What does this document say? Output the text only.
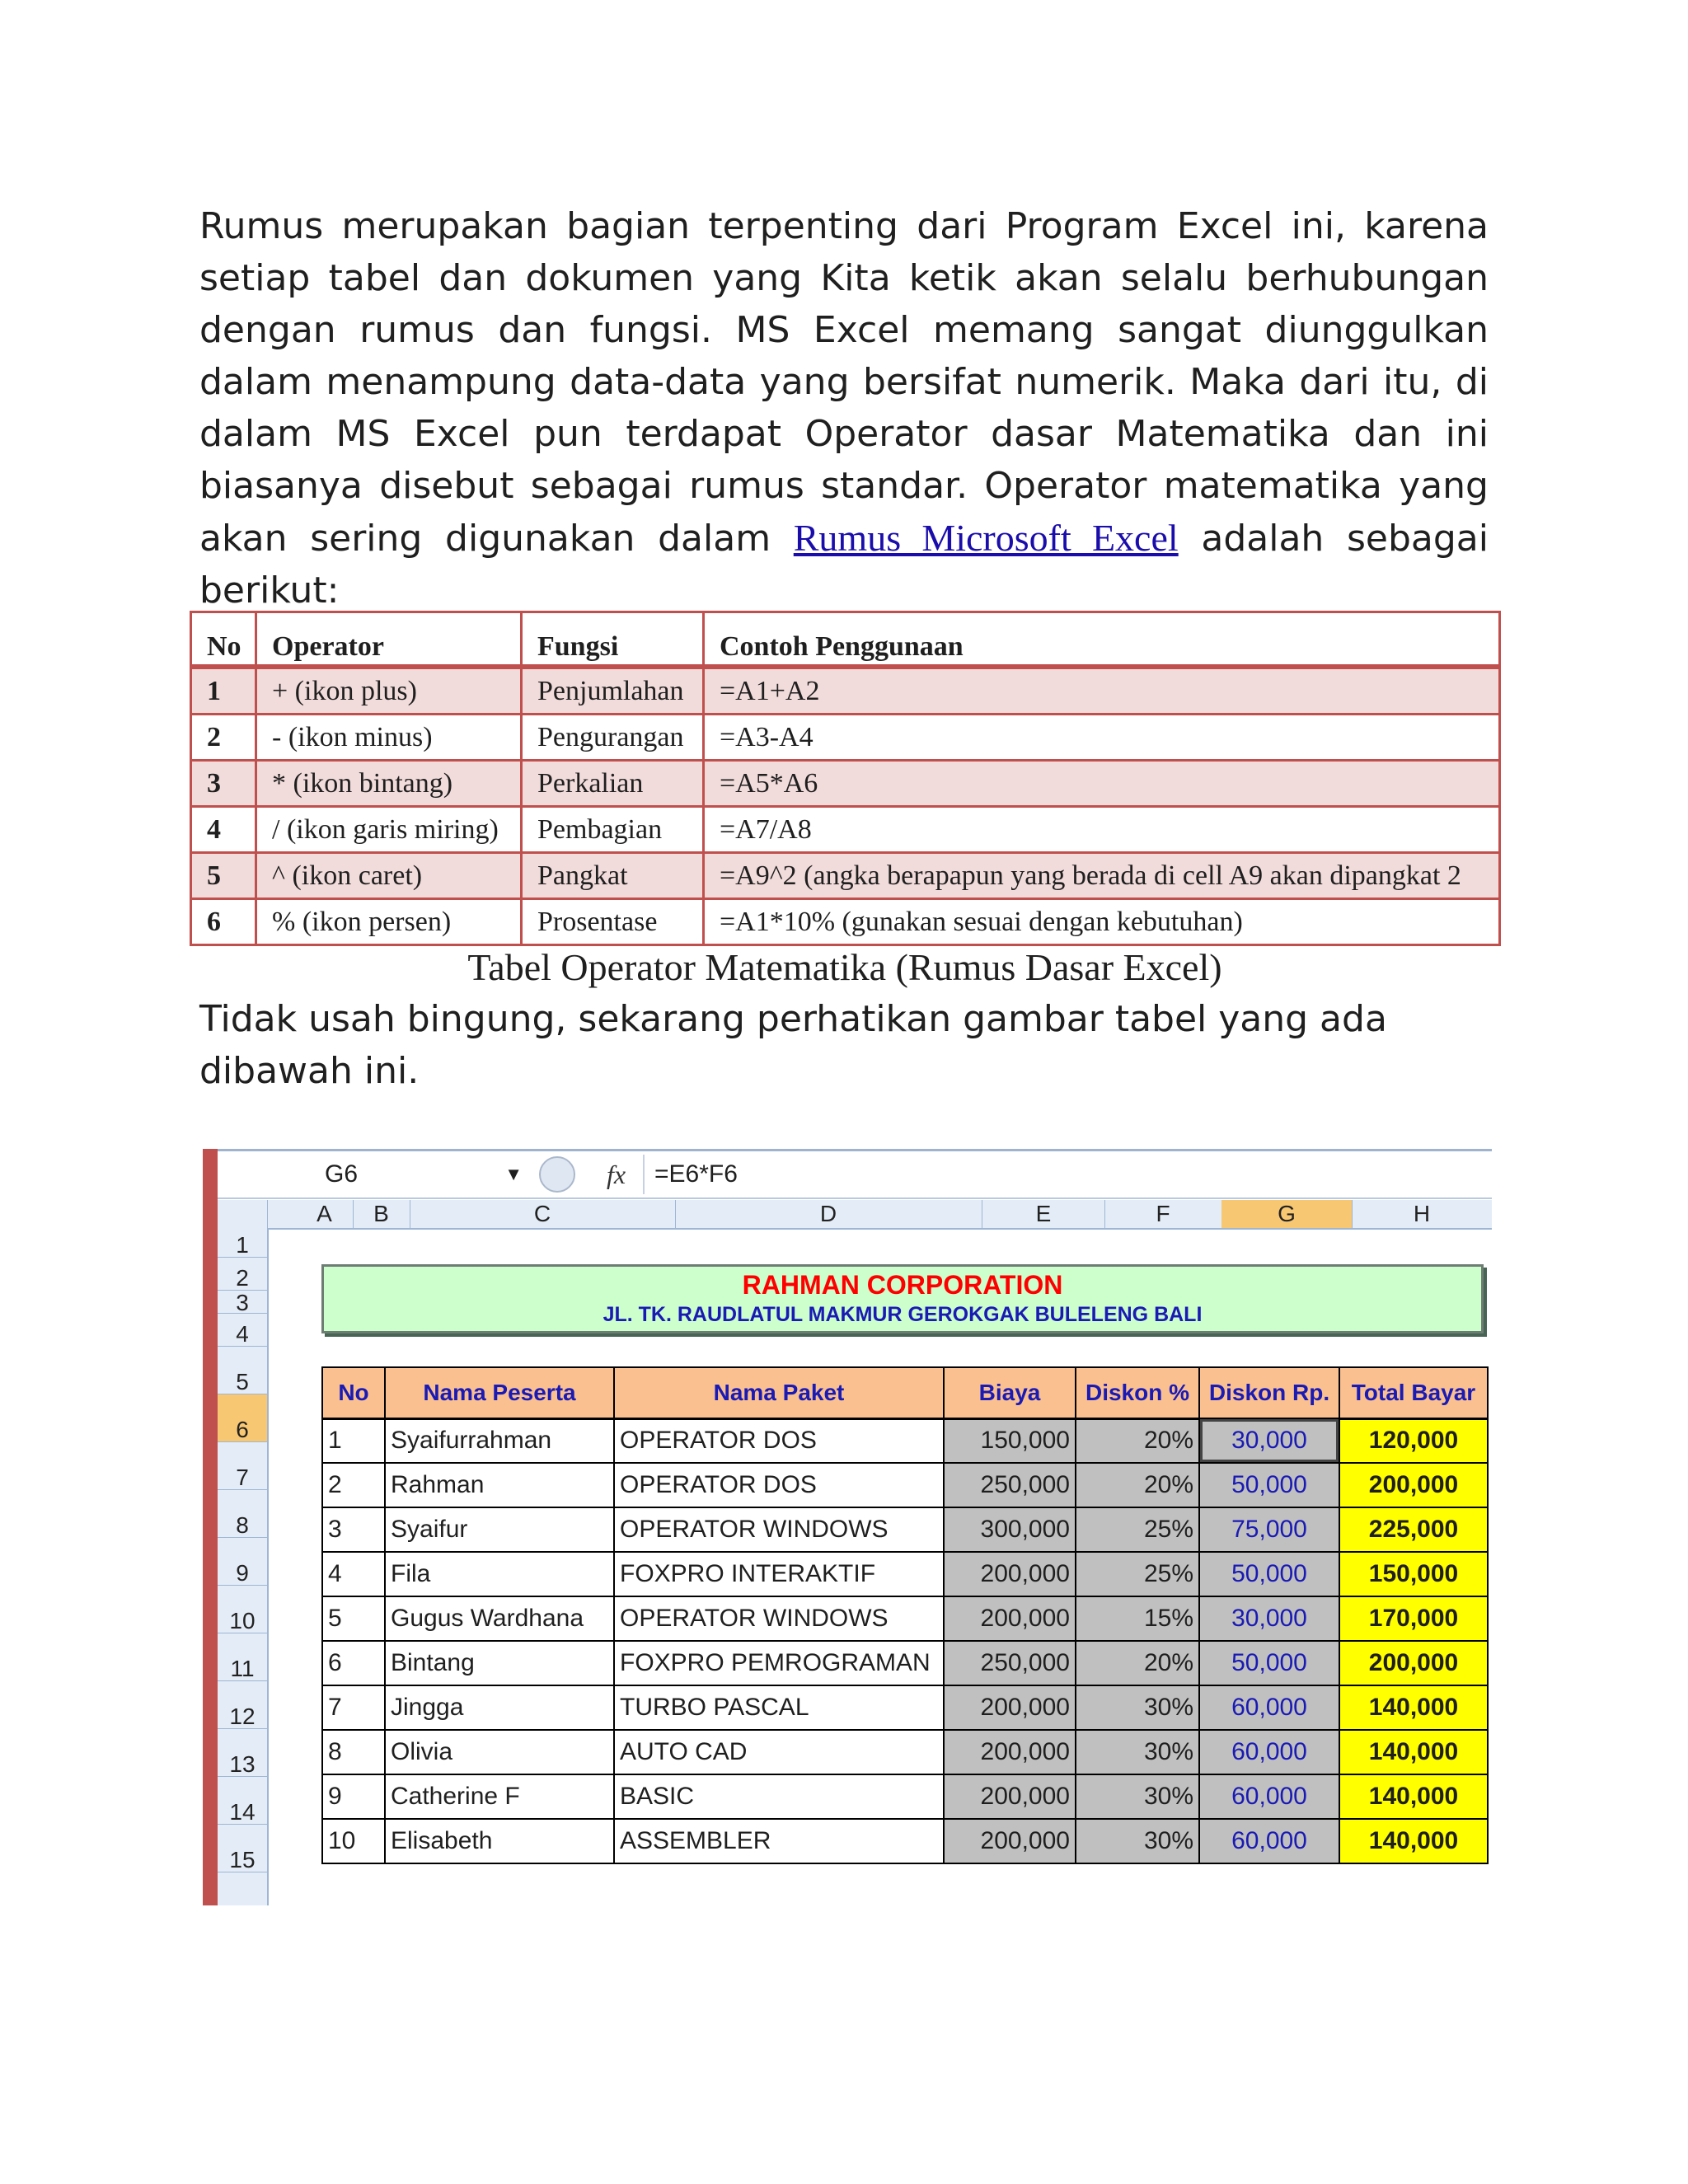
Rumus merupakan bagian terpenting dari Program Excel ini, karena setiap tabel dan dokumen yang Kita ketik akan selalu berhubungan dengan rumus dan fungsi. MS Excel memang sangat diunggulkan dalam menampung data-data yang bersifat numerik. Maka dari itu, di dalam MS Excel pun terdapat Operator dasar Matematika dan ini biasanya disebut sebagai rumus standar. Operator matematika yang akan sering digunakan dalam Rumus Microsoft Excel adalah sebagai berikut:

No	Operator	Fungsi	Contoh Penggunaan
1	+ (ikon plus)	Penjumlahan	=A1+A2
2	- (ikon minus)	Pengurangan	=A3-A4
3	* (ikon bintang)	Perkalian	=A5*A6
4	/ (ikon garis miring)	Pembagian	=A7/A8
5	^ (ikon caret)	Pangkat	=A9^2 (angka berapapun yang berada di cell A9 akan dipangkat 2
6	% (ikon persen)	Prosentase	=A1*10% (gunakan sesuai dengan kebutuhan)
Tabel Operator Matematika (Rumus Dasar Excel)

Tidak usah bingung, sekarang perhatikan gambar tabel yang ada dibawah ini.

G6	▼	fx =E6*F6
A	B	C	D	E	F	G	H
1
2
3
4
5
6
7
8
9
10
11
12
13
14
15
RAHMAN CORPORATION
JL. TK. RAUDLATUL MAKMUR GEROKGAK BULELENG BALI
No	Nama Peserta	Nama Paket	Biaya	Diskon %	Diskon Rp.	Total Bayar
1	Syaifurrahman	OPERATOR DOS	150,000	20%	30,000	120,000
2	Rahman	OPERATOR DOS	250,000	20%	50,000	200,000
3	Syaifur	OPERATOR WINDOWS	300,000	25%	75,000	225,000
4	Fila	FOXPRO INTERAKTIF	200,000	25%	50,000	150,000
5	Gugus Wardhana	OPERATOR WINDOWS	200,000	15%	30,000	170,000
6	Bintang	FOXPRO PEMROGRAMAN	250,000	20%	50,000	200,000
7	Jingga	TURBO PASCAL	200,000	30%	60,000	140,000
8	Olivia	AUTO CAD	200,000	30%	60,000	140,000
9	Catherine F	BASIC	200,000	30%	60,000	140,000
10	Elisabeth	ASSEMBLER	200,000	30%	60,000	140,000
